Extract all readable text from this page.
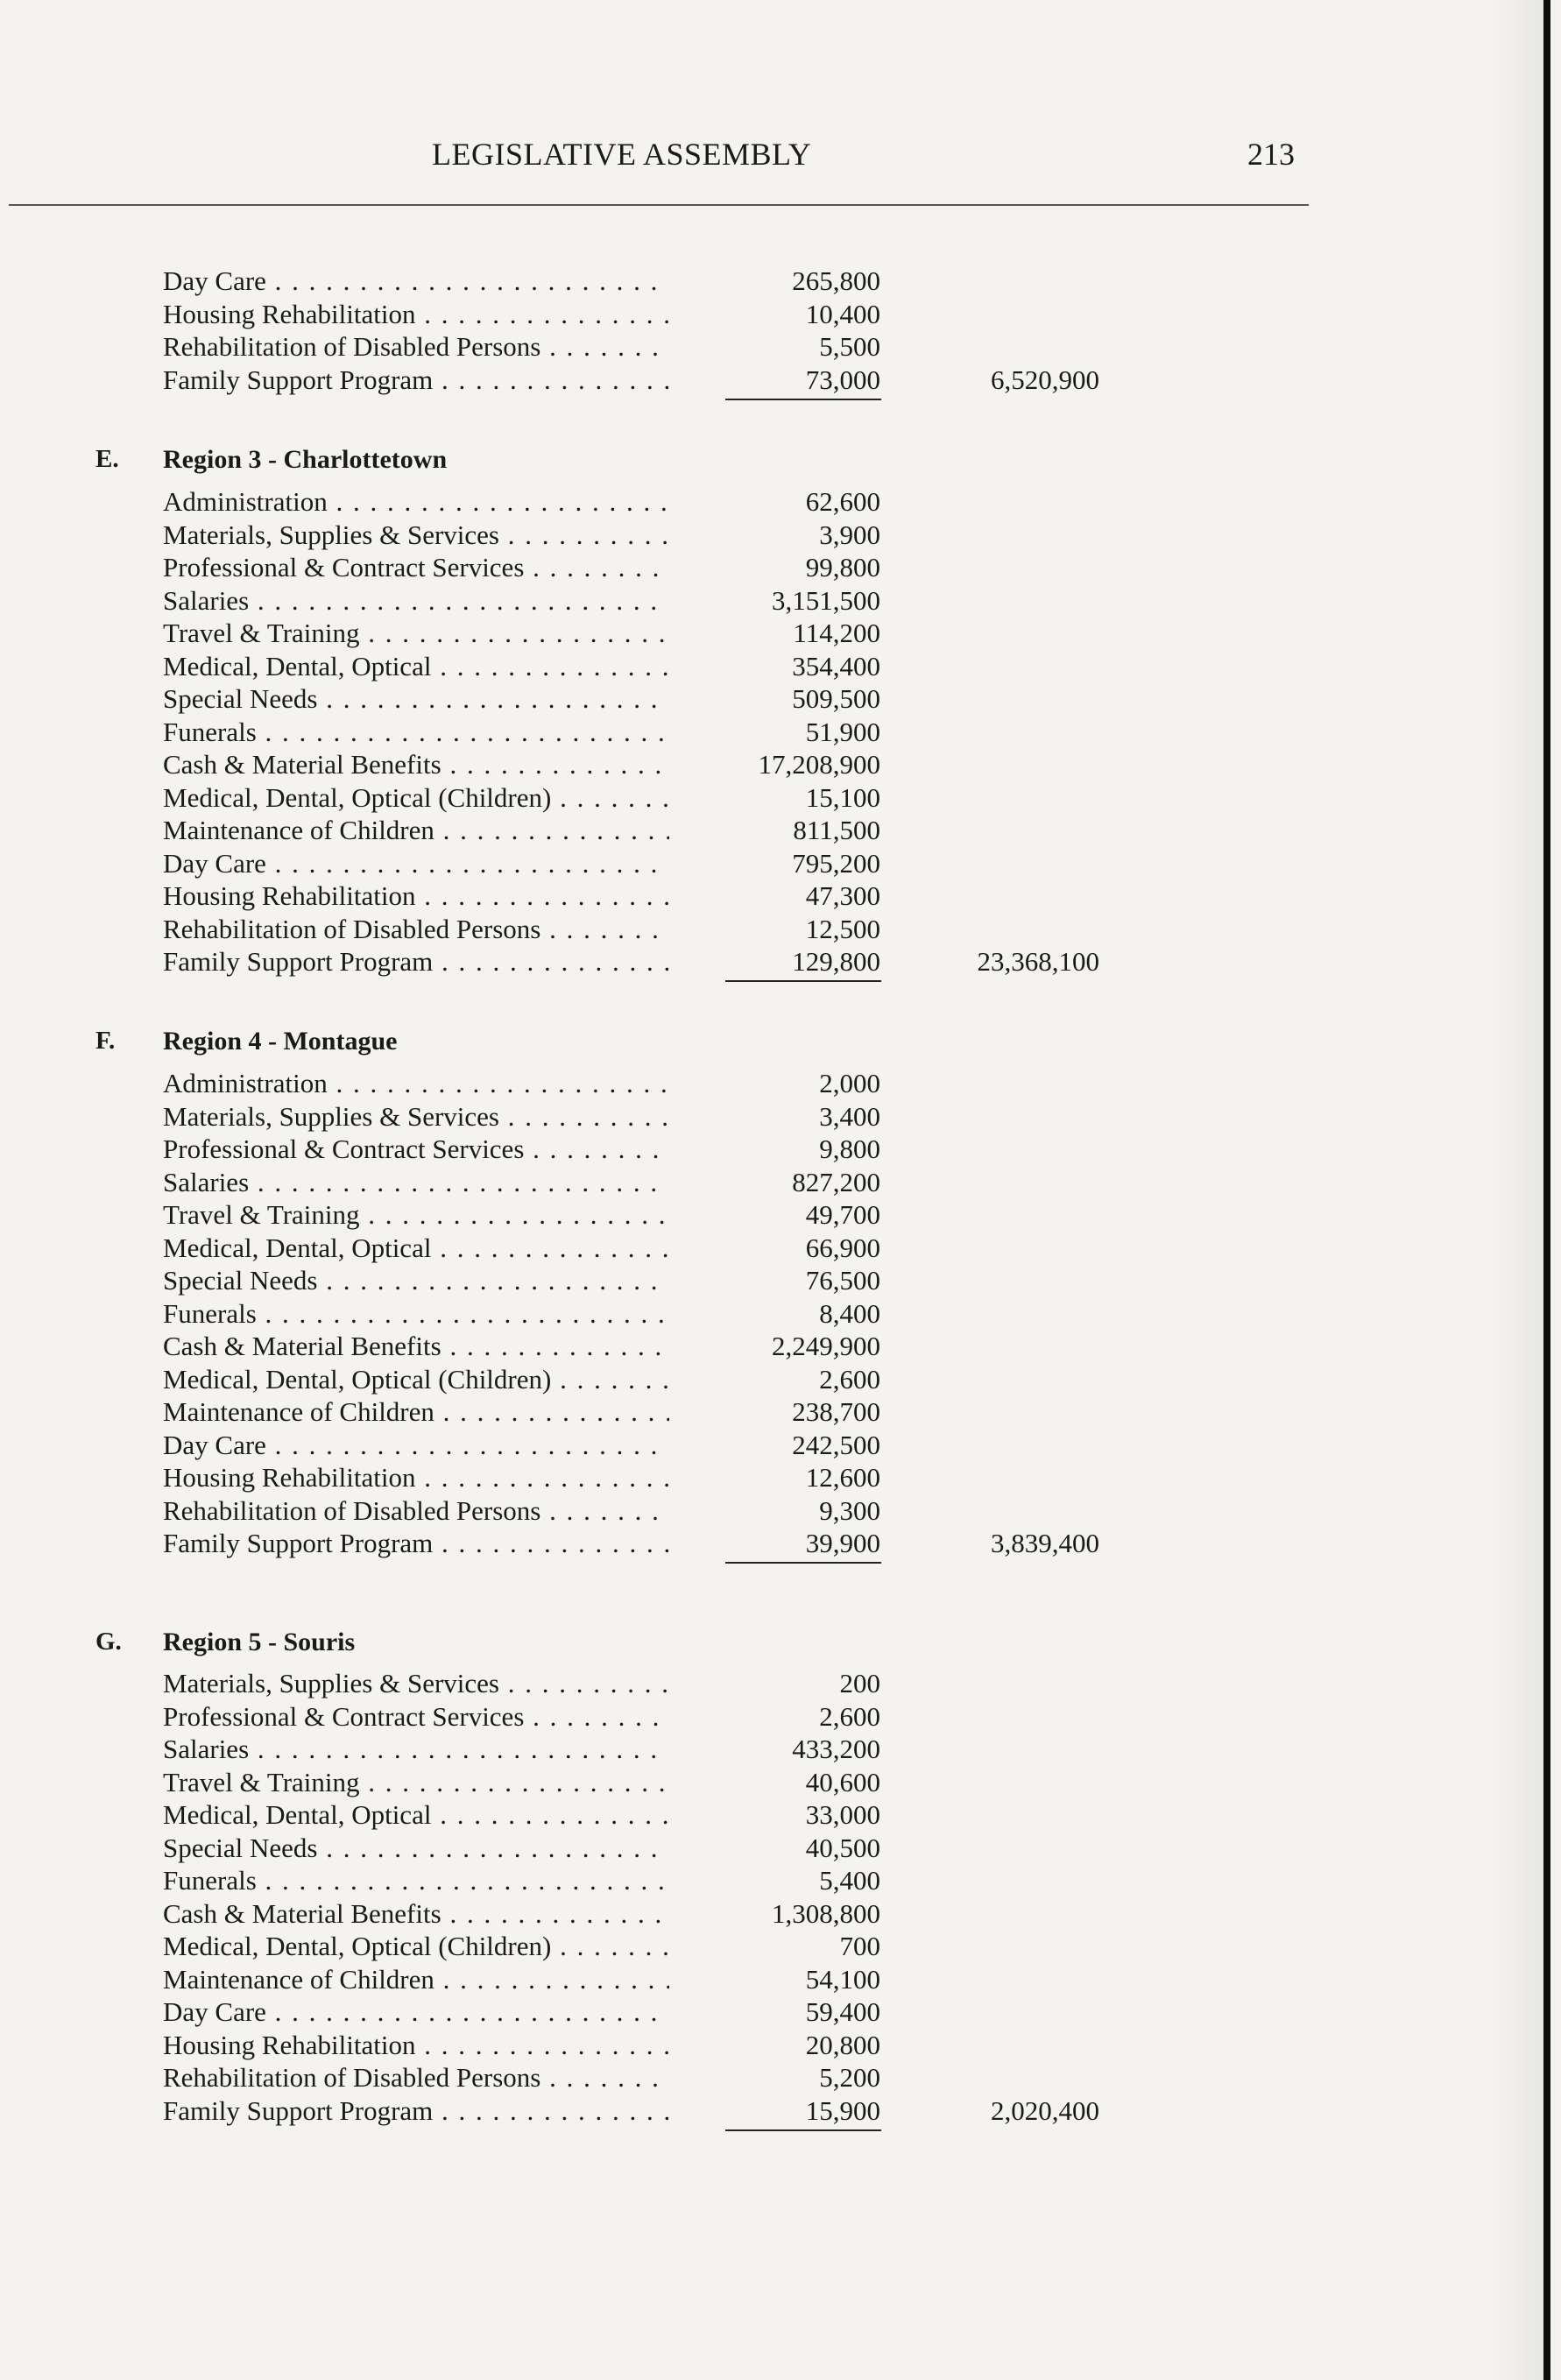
LEGISLATIVE ASSEMBLY	213
Day Care . . .	265,800
Housing Rehabilitation . . .	10,400
Rehabilitation of Disabled Persons . . .	5,500
Family Support Program . . .	73,000	6,520,900
E. Region 3 - Charlottetown
Administration . . .	62,600
Materials, Supplies & Services . . .	3,900
Professional & Contract Services . . .	99,800
Salaries . . .	3,151,500
Travel & Training . . .	114,200
Medical, Dental, Optical . . .	354,400
Special Needs . . .	509,500
Funerals . . .	51,900
Cash & Material Benefits . . .	17,208,900
Medical, Dental, Optical (Children) . . .	15,100
Maintenance of Children . . .	811,500
Day Care . . .	795,200
Housing Rehabilitation . . .	47,300
Rehabilitation of Disabled Persons . . .	12,500
Family Support Program . . .	129,800	23,368,100
F. Region 4 - Montague
Administration . . .	2,000
Materials, Supplies & Services . . .	3,400
Professional & Contract Services . . .	9,800
Salaries . . .	827,200
Travel & Training . . .	49,700
Medical, Dental, Optical . . .	66,900
Special Needs . . .	76,500
Funerals . . .	8,400
Cash & Material Benefits . . .	2,249,900
Medical, Dental, Optical (Children) . . .	2,600
Maintenance of Children . . .	238,700
Day Care . . .	242,500
Housing Rehabilitation . . .	12,600
Rehabilitation of Disabled Persons . . .	9,300
Family Support Program . . .	39,900	3,839,400
G. Region 5 - Souris
Materials, Supplies & Services . . .	200
Professional & Contract Services . . .	2,600
Salaries . . .	433,200
Travel & Training . . .	40,600
Medical, Dental, Optical . . .	33,000
Special Needs . . .	40,500
Funerals . . .	5,400
Cash & Material Benefits . . .	1,308,800
Medical, Dental, Optical (Children) . . .	700
Maintenance of Children . . .	54,100
Day Care . . .	59,400
Housing Rehabilitation . . .	20,800
Rehabilitation of Disabled Persons . . .	5,200
Family Support Program . . .	15,900	2,020,400
